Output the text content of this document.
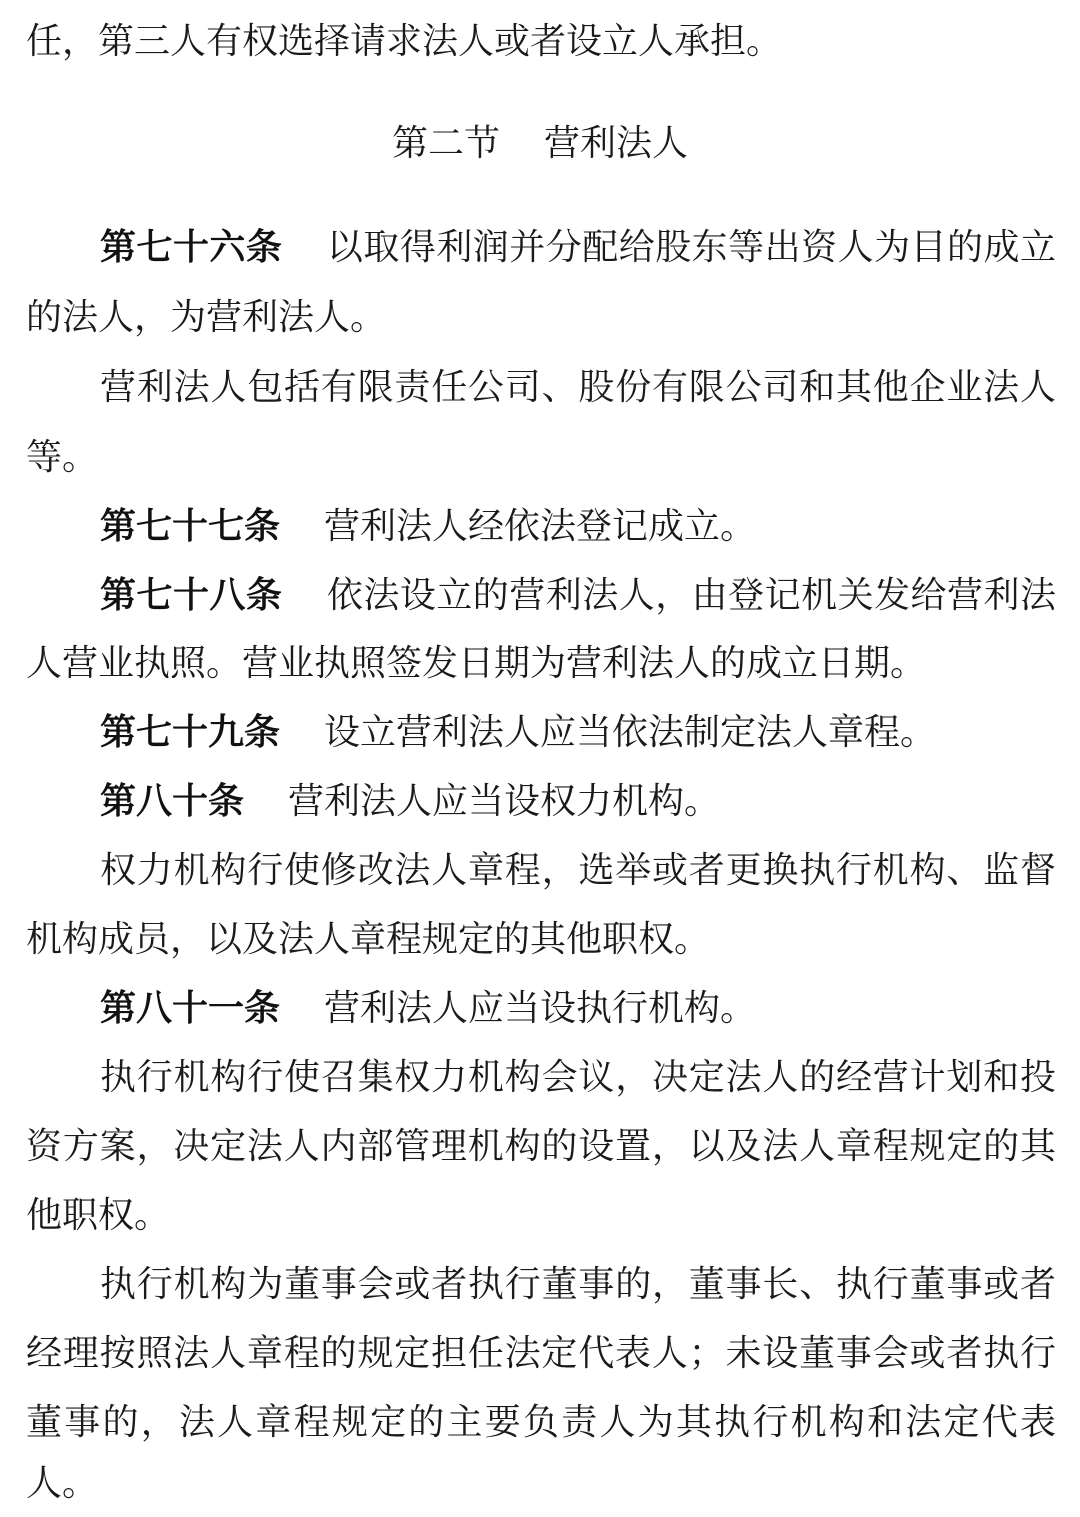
任，第三人有权选择请求法人或者设立人承担。
第二节 营利法人
第七十六条 以取得利润并分配给股东等出资人为目的成立
的法人，为营利法人。
营利法人包括有限责任公司、股份有限公司和其他企业法人
等。
第七十七条 营利法人经依法登记成立。
第七十八条 依法设立的营利法人，由登记机关发给营利法
人营业执照。营业执照签发日期为营利法人的成立日期。
第七十九条 设立营利法人应当依法制定法人章程。
第八十条 营利法人应当设权力机构。
权力机构行使修改法人章程，选举或者更换执行机构、监督
机构成员，以及法人章程规定的其他职权。
第八十一条 营利法人应当设执行机构。
执行机构行使召集权力机构会议，决定法人的经营计划和投
资方案，决定法人内部管理机构的设置，以及法人章程规定的其
他职权。
执行机构为董事会或者执行董事的，董事长、执行董事或者
经理按照法人章程的规定担任法定代表人；未设董事会或者执行
董事的，法人章程规定的主要负责人为其执行机构和法定代表
人。
